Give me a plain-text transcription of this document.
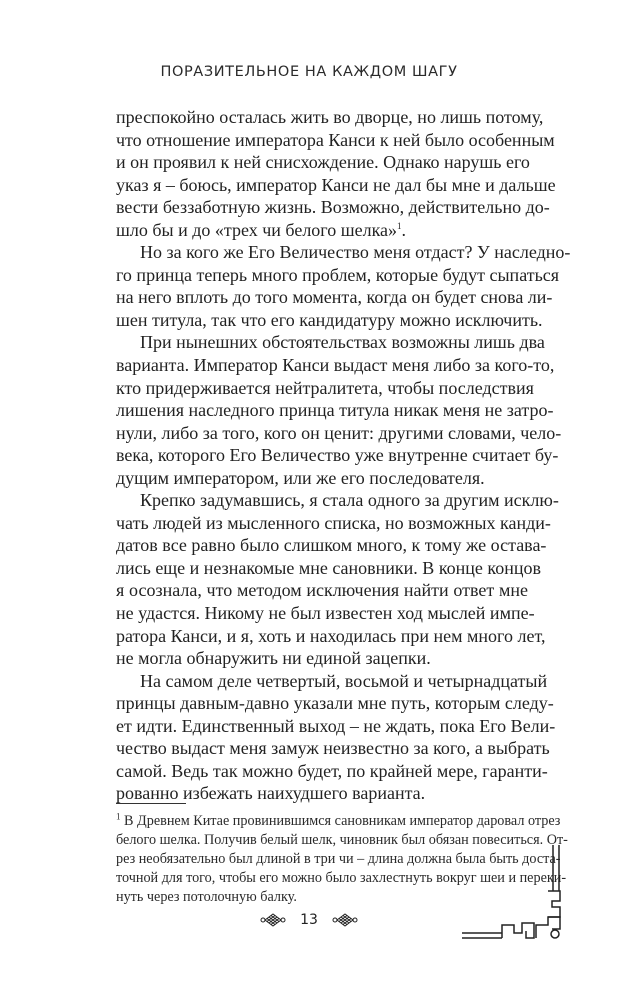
ПОРАЗИТЕЛЬНОЕ НА КАЖДОМ ШАГУ
преспокойно осталась жить во дворце, но лишь потому,
что отношение императора Канси к ней было особенным
и он проявил к ней снисхождение. Однако нарушь его
указ я – боюсь, император Канси не дал бы мне и дальше
вести беззаботную жизнь. Возможно, действительно до-
шло бы и до «трех чи белого шелка»$^1$.
Но за кого же Его Величество меня отдаст? У наследно-
го принца теперь много проблем, которые будут сыпаться
на него вплоть до того момента, когда он будет снова ли-
шен титула, так что его кандидатуру можно исключить.
При нынешних обстоятельствах возможны лишь два
варианта. Император Канси выдаст меня либо за кого-то,
кто придерживается нейтралитета, чтобы последствия
лишения наследного принца титула никак меня не затро-
нули, либо за того, кого он ценит: другими словами, чело-
века, которого Его Величество уже внутренне считает бу-
дущим императором, или же его последователя.
Крепко задумавшись, я стала одного за другим исклю-
чать людей из мысленного списка, но возможных канди-
датов все равно было слишком много, к тому же остава-
лись еще и незнакомые мне сановники. В конце концов
я осознала, что методом исключения найти ответ мне
не удастся. Никому не был известен ход мыслей импе-
ратора Канси, и я, хоть и находилась при нем много лет,
не могла обнаружить ни единой зацепки.
На самом деле четвертый, восьмой и четырнадцатый
принцы давным-давно указали мне путь, которым следу-
ет идти. Единственный выход – не ждать, пока Его Вели-
чество выдаст меня замуж неизвестно за кого, а выбрать
самой. Ведь так можно будет, по крайней мере, гаранти-
рованно избежать наихудшего варианта.
$^1$ В Древнем Китае провинившимся сановникам император даровал отрез
белого шелка. Получив белый шелк, чиновник был обязан повеситься. От-
рез необязательно был длиной в три чи – длина должна была быть доста-
точной для того, чтобы его можно было захлестнуть вокруг шеи и переки-
нуть через потолочную балку.
13
